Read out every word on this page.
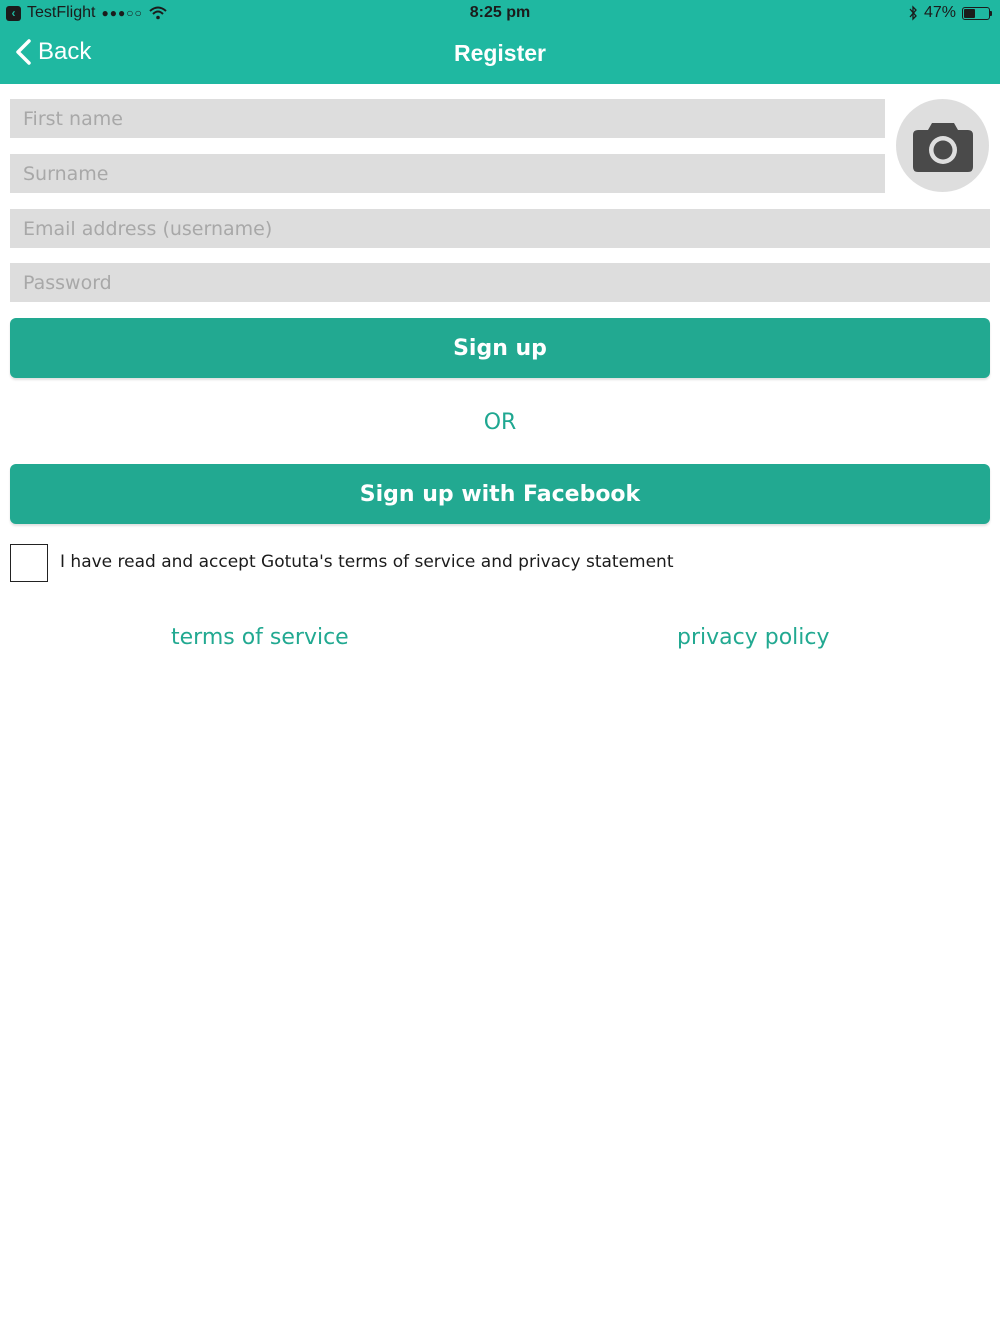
‹ TestFlight ●●●○○	8:25 pm	47%
Back	Register
First name
Surname
Email address (username)
Sign up
OR
Sign up with Facebook
I have read and accept Gotuta's terms of service and privacy statement
terms of service	privacy policy
